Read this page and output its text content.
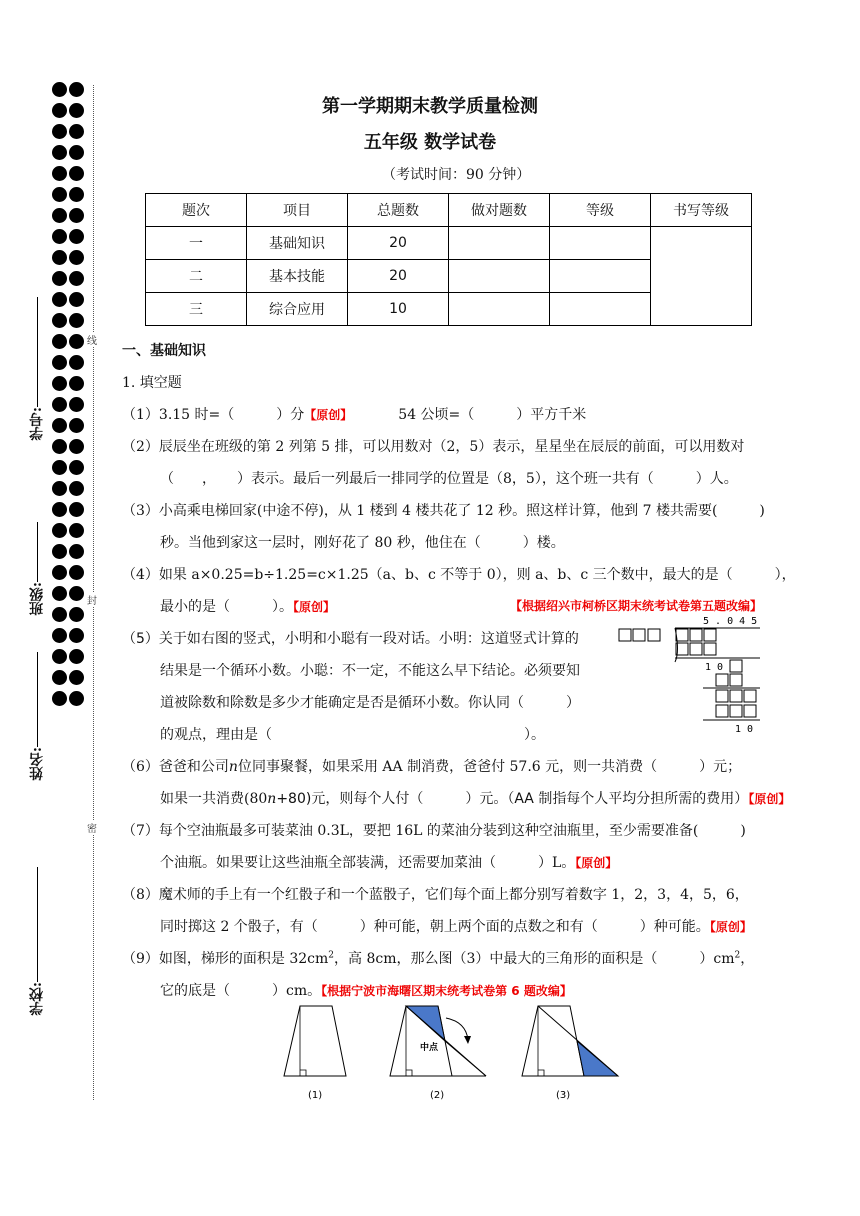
线
封
密
学号:
班级:
姓名:
学校:
第一学期期末教学质量检测
五年级 数学试卷
（考试时间：90 分钟）
题次	项目	总题数	做对题数	等级	书写等级
一	基础知识	20			
二	基本技能	20			
三	综合应用	10			
一、基础知识
1. 填空题
（1）3.15 时=（　　　）分【原创】	54 公顷=（　　　）平方千米
（2）辰辰坐在班级的第 2 列第 5 排，可以用数对（2，5）表示，星星坐在辰辰的前面，可以用数对
（　　，　　）表示。最后一列最后一排同学的位置是（8，5），这个班一共有（　　　）人。
（3）小高乘电梯回家(中途不停)，从 1 楼到 4 楼共花了 12 秒。照这样计算，他到 7 楼共需要(　　　)
秒。当他到家这一层时，刚好花了 80 秒，他住在（　　　）楼。
（4）如果 a×0.25=b÷1.25=c×1.25（a、b、c 不等于 0），则 a、b、c 三个数中，最大的是（　　　），
最小的是（　　　）。【原创】	【根据绍兴市柯桥区期末统考试卷第五题改编】
（5）关于如右图的竖式，小明和小聪有一段对话。小明：这道竖式计算的
结果是一个循环小数。小聪：不一定，不能这么早下结论。必须要知
道被除数和除数是多少才能确定是否是循环小数。你认同（　　　）
的观点，理由是（　　　　　　　　　　　　　　　　　　）。
5 . 0 4 5
1 0
1 0
（6）爸爸和公司n位同事聚餐，如果采用 AA 制消费，爸爸付 57.6 元，则一共消费（　　　）元；
如果一共消费(80n+80)元，则每个人付（　　　）元。（AA 制指每个人平均分担所需的费用）【原创】
（7）每个空油瓶最多可装菜油 0.3L，要把 16L 的菜油分装到这种空油瓶里，至少需要准备(　　　)
个油瓶。如果要让这些油瓶全部装满，还需要加菜油（　　　）L。【原创】
（8）魔术师的手上有一个红骰子和一个蓝骰子，它们每个面上都分别写着数字 1，2，3，4，5，6，
同时掷这 2 个骰子，有（　　　）种可能，朝上两个面的点数之和有（　　　）种可能。【原创】
（9）如图，梯形的面积是 $32cm^2$，高 8cm，那么图（3）中最大的三角形的面积是（　　　）$cm^2$，
它的底是（　　　）cm。【根据宁波市海曙区期末统考试卷第 6 题改编】
(1)
中点
(2)	(3)
